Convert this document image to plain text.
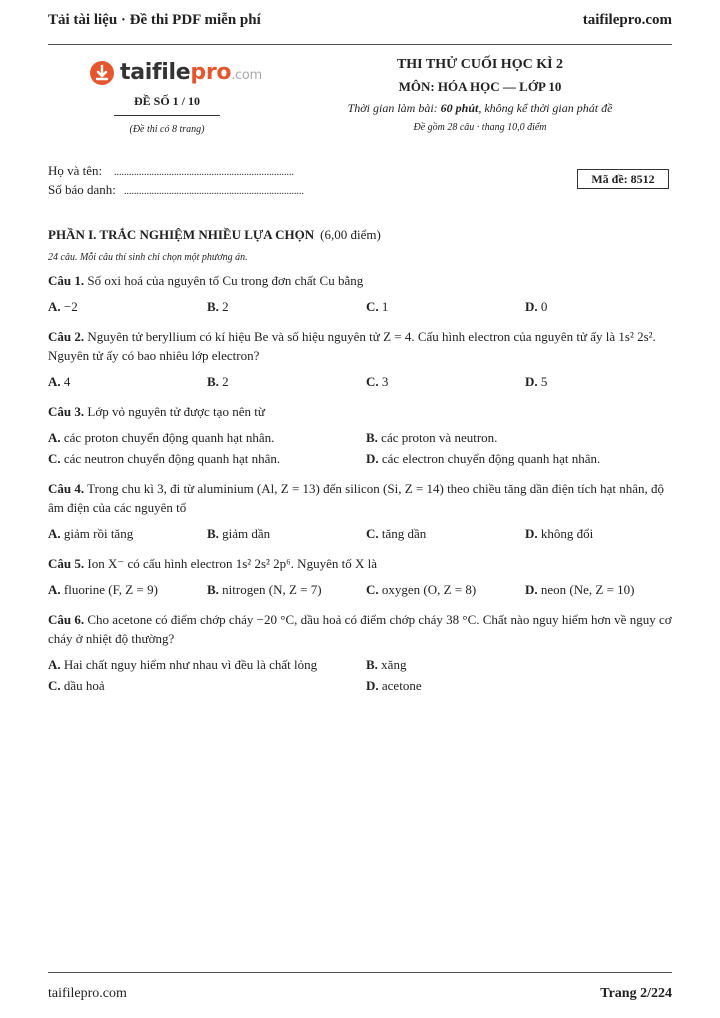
Tải tài liệu · Đề thi PDF miễn phí	taifilepro.com
taifilepro.com
ĐỀ SỐ 1 / 10
(Đề thi có 8 trang)
THI THỬ CUỐI HỌC KÌ 2
MÔN: HÓA HỌC — LỚP 10
Thời gian làm bài: 60 phút, không kể thời gian phát đề
Đề gồm 28 câu · thang 10,0 điểm
Họ và tên: ........................................................................
Số báo danh: ........................................................................
Mã đề: 8512
PHẦN I. TRẮC NGHIỆM NHIỀU LỰA CHỌN (6,00 điểm)
24 câu. Mỗi câu thí sinh chỉ chọn một phương án.
Câu 1. Số oxi hoá của nguyên tố Cu trong đơn chất Cu bằng
A. −2	B. 2	C. 1	D. 0
Câu 2. Nguyên tử beryllium có kí hiệu Be và số hiệu nguyên tử Z = 4. Cấu hình electron của nguyên tử ấy là 1s² 2s². Nguyên tử ấy có bao nhiêu lớp electron?
A. 4	B. 2	C. 3	D. 5
Câu 3. Lớp vỏ nguyên tử được tạo nên từ
A. các proton chuyển động quanh hạt nhân.	B. các proton và neutron.
C. các neutron chuyển động quanh hạt nhân.	D. các electron chuyển động quanh hạt nhân.
Câu 4. Trong chu kì 3, đi từ aluminium (Al, Z = 13) đến silicon (Si, Z = 14) theo chiều tăng dần điện tích hạt nhân, độ âm điện của các nguyên tố
A. giảm rồi tăng	B. giảm dần	C. tăng dần	D. không đổi
Câu 5. Ion X⁻ có cấu hình electron 1s² 2s² 2p⁶. Nguyên tố X là
A. fluorine (F, Z = 9)	B. nitrogen (N, Z = 7)	C. oxygen (O, Z = 8)	D. neon (Ne, Z = 10)
Câu 6. Cho acetone có điểm chớp cháy −20 °C, dầu hoả có điểm chớp cháy 38 °C. Chất nào nguy hiểm hơn về nguy cơ cháy ở nhiệt độ thường?
A. Hai chất nguy hiểm như nhau vì đều là chất lỏng	B. xăng
C. dầu hoả	D. acetone
taifilepro.com	Trang 2/224
